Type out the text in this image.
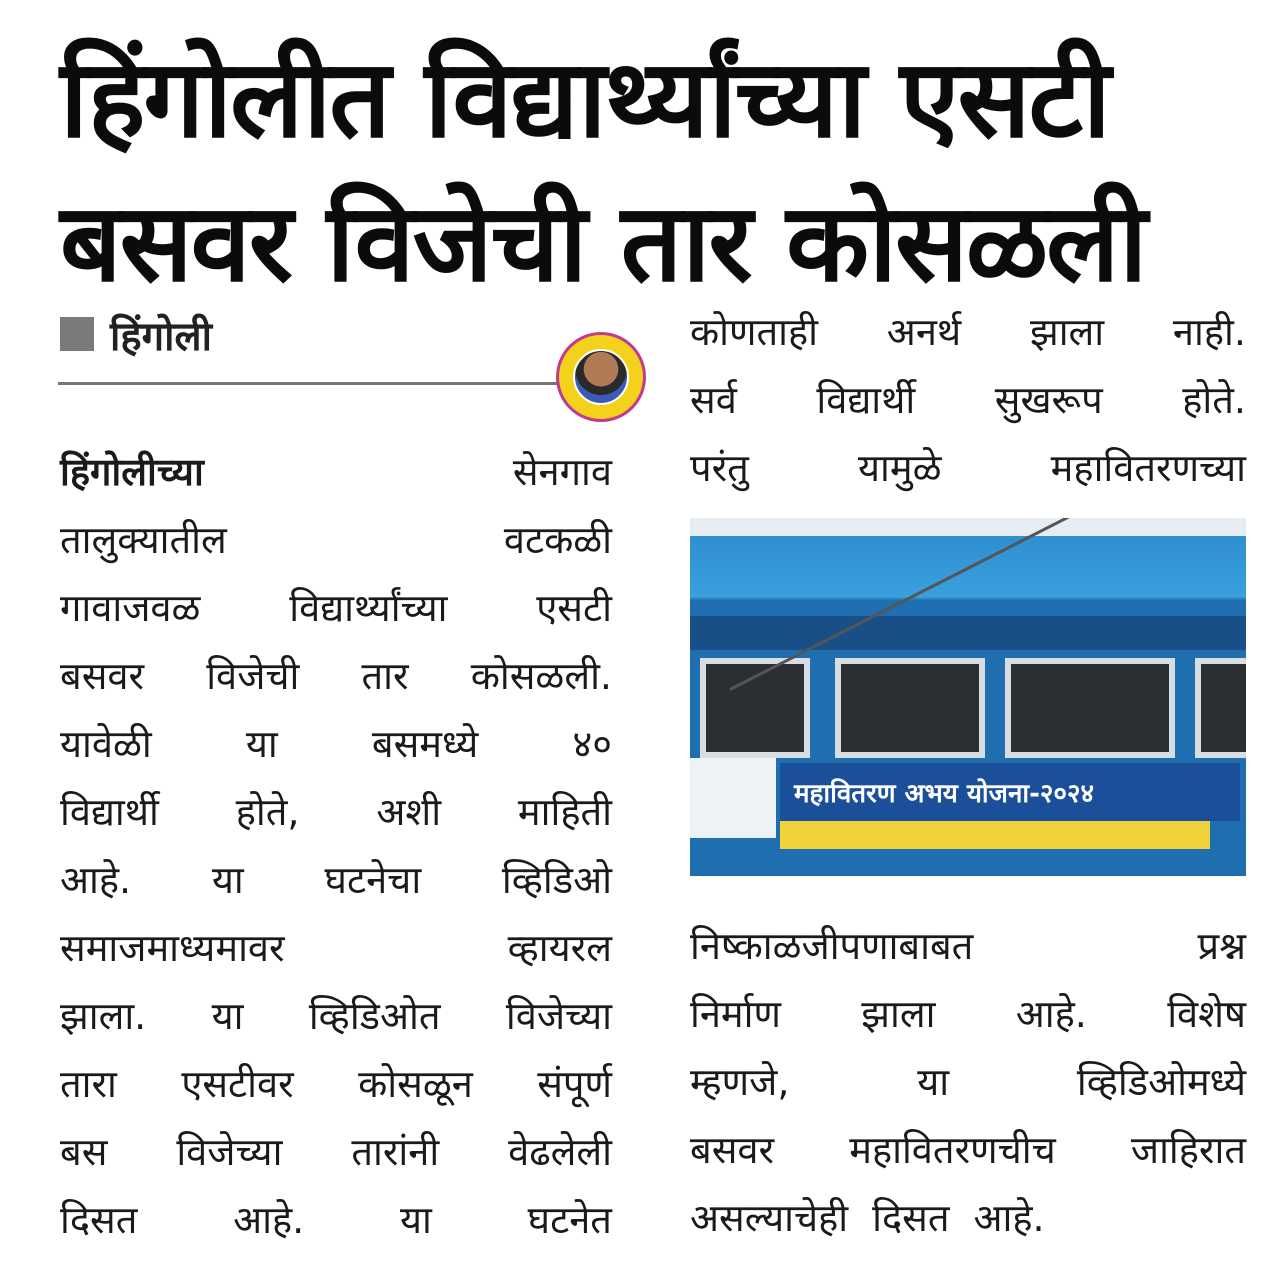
हिंगोलीत विद्यार्थ्यांच्या एसटी
बसवर विजेची तार कोसळली
हिंगोली
हिंगोलीच्या	सेनगाव
तालुक्यातील	वटकळी
गावाजवळ विद्यार्थ्यांच्या एसटी
बसवर विजेची तार कोसळली.
यावेळी या बसमध्ये ४०
विद्यार्थी होते, अशी माहिती
आहे. या घटनेचा व्हिडिओ
समाजमाध्यमावर	व्हायरल
झाला. या व्हिडिओत विजेच्या
तारा एसटीवर कोसळून संपूर्ण
बस विजेच्या तारांनी वेढलेली
दिसत	आहे.	या	घटनेत
कोणताही अनर्थ झाला नाही.
सर्व विद्यार्थी सुखरूप होते.
परंतु	यामुळे	महावितरणच्या
महावितरण अभय योजना-२०२४
निष्काळजीपणाबाबत	प्रश्न
निर्माण झाला आहे. विशेष
म्हणजे,	या	व्हिडिओमध्ये
बसवर महावितरणचीच जाहिरात
असल्याचेही दिसत आहे.
